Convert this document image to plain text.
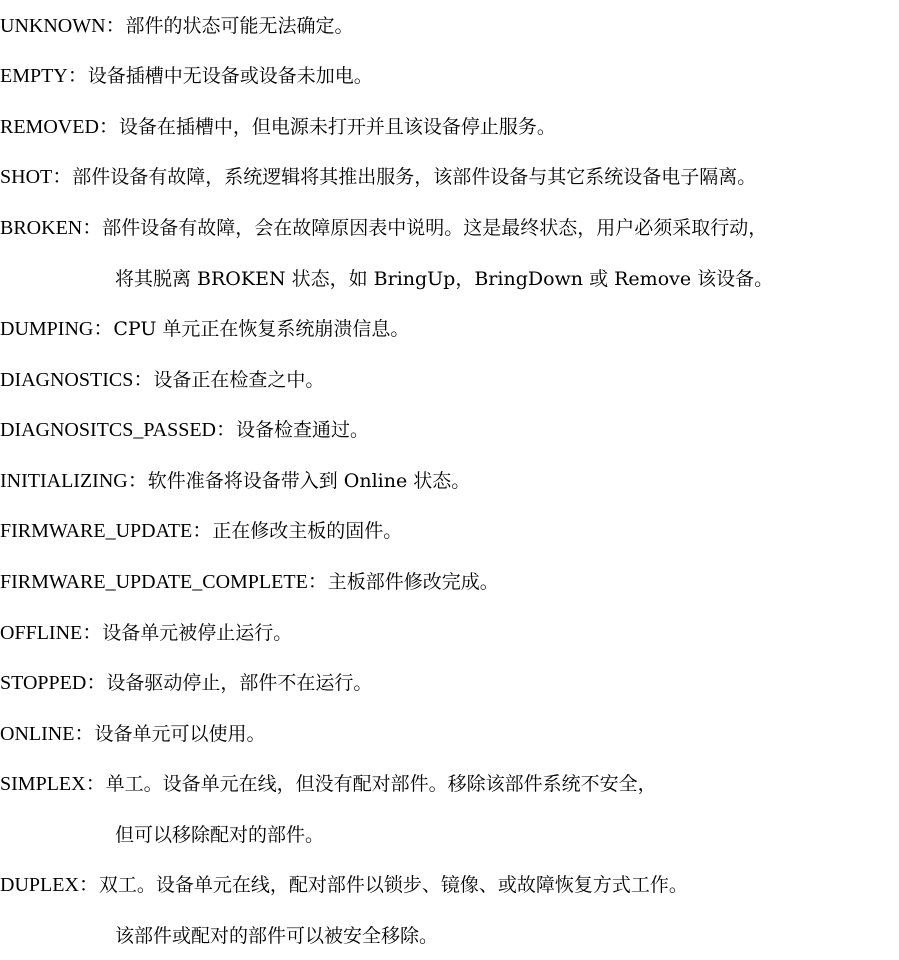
UNKNOWN：部件的状态可能无法确定。
EMPTY：设备插槽中无设备或设备未加电。
REMOVED：设备在插槽中，但电源未打开并且该设备停止服务。
SHOT：部件设备有故障，系统逻辑将其推出服务，该部件设备与其它系统设备电子隔离。
BROKEN：部件设备有故障，会在故障原因表中说明。这是最终状态，用户必须采取行动，
将其脱离 BROKEN 状态，如 BringUp，BringDown 或 Remove 该设备。
DUMPING：CPU 单元正在恢复系统崩溃信息。
DIAGNOSTICS：设备正在检查之中。
DIAGNOSITCS_PASSED：设备检查通过。
INITIALIZING：软件准备将设备带入到 Online 状态。
FIRMWARE_UPDATE：正在修改主板的固件。
FIRMWARE_UPDATE_COMPLETE：主板部件修改完成。
OFFLINE：设备单元被停止运行。
STOPPED：设备驱动停止，部件不在运行。
ONLINE：设备单元可以使用。
SIMPLEX：单工。设备单元在线，但没有配对部件。移除该部件系统不安全，
但可以移除配对的部件。
DUPLEX：双工。设备单元在线，配对部件以锁步、镜像、或故障恢复方式工作。
该部件或配对的部件可以被安全移除。
